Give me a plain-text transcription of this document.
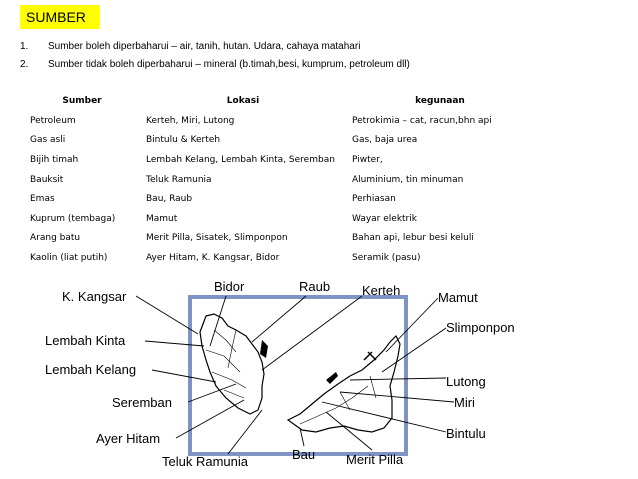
SUMBER
1. Sumber boleh diperbaharui – air, tanih, hutan. Udara, cahaya matahari
2. Sumber tidak boleh diperbaharui – mineral (b.timah,besi, kumprum, petroleum dll)
Sumber	Lokasi	kegunaan
Petroleum	Kerteh, Miri, Lutong	Petrokimia – cat, racun,bhn api
Gas asli	Bintulu & Kerteh	Gas, baja urea
Bijih timah	Lembah Kelang, Lembah Kinta, Seremban	Piwter,
Bauksit	Teluk Ramunia	Aluminium, tin minuman
Emas	Bau, Raub	Perhiasan
Kuprum (tembaga)	Mamut	Wayar elektrik
Arang batu	Merit Pilla, Sisatek, Slimponpon	Bahan api, lebur besi keluli
Kaolin (liat putih)	Ayer Hitam, K. Kangsar, Bidor	Seramik (pasu)
K. Kangsar
Bidor	Raub Kerteh	Mamut
Slimponpon
Lembah Kinta
Lembah Kelang
Lutong
Miri
Seremban
Bintulu
Ayer Hitam
Teluk Ramunia	Bau Merit Pilla
